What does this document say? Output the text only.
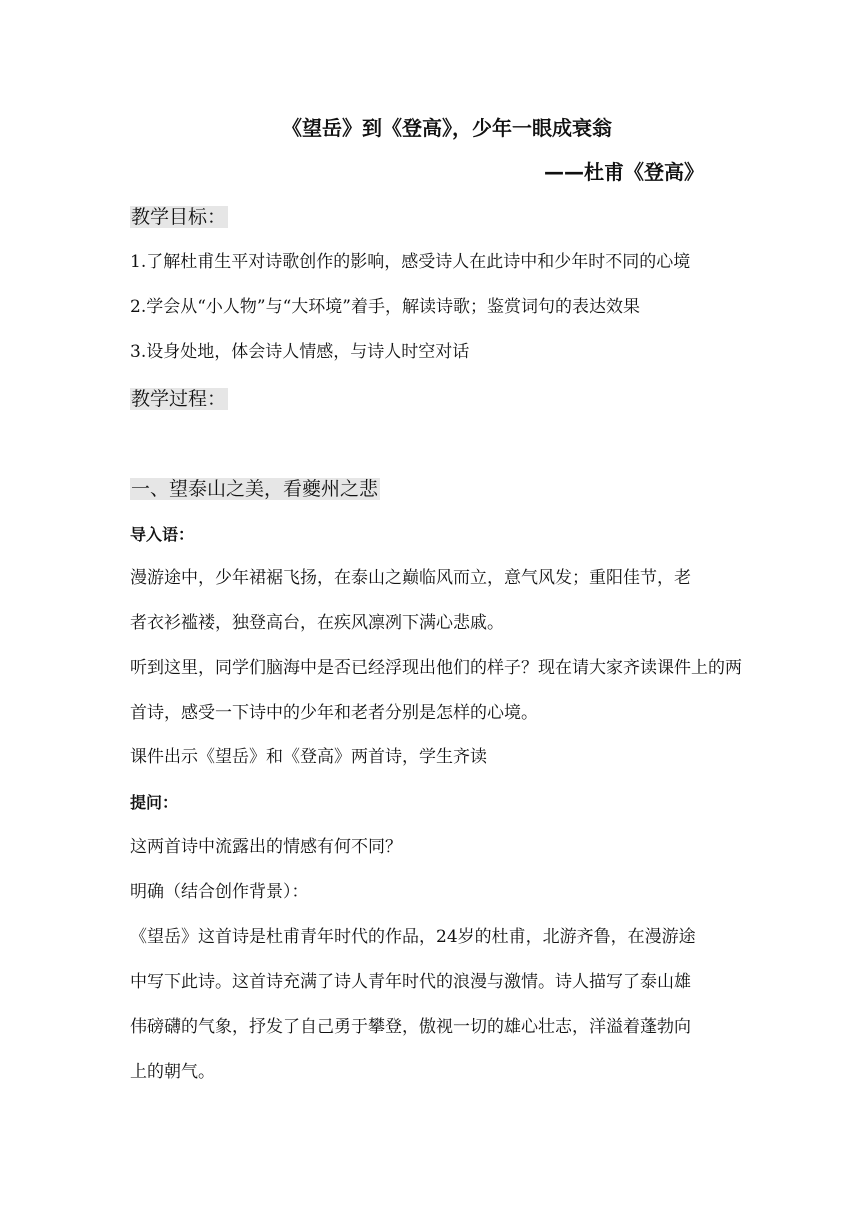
《望岳》到《登高》，少年一眼成衰翁
——杜甫《登高》
教学目标：
1.了解杜甫生平对诗歌创作的影响，感受诗人在此诗中和少年时不同的心境
2.学会从“小人物”与“大环境”着手，解读诗歌；鉴赏词句的表达效果
3.设身处地，体会诗人情感，与诗人时空对话
教学过程：
一、望泰山之美，看夔州之悲
导入语：
漫游途中，少年裙裾飞扬，在泰山之巅临风而立，意气风发；重阳佳节，老
者衣衫褴褛，独登高台，在疾风凛冽下满心悲戚。
听到这里，同学们脑海中是否已经浮现出他们的样子？现在请大家齐读课件上的两
首诗，感受一下诗中的少年和老者分别是怎样的心境。
课件出示《望岳》和《登高》两首诗，学生齐读
提问：
这两首诗中流露出的情感有何不同？
明确（结合创作背景）：
《望岳》这首诗是杜甫青年时代的作品，24岁的杜甫，北游齐鲁，在漫游途
中写下此诗。这首诗充满了诗人青年时代的浪漫与激情。诗人描写了泰山雄
伟磅礴的气象，抒发了自己勇于攀登，傲视一切的雄心壮志，洋溢着蓬勃向
上的朝气。
